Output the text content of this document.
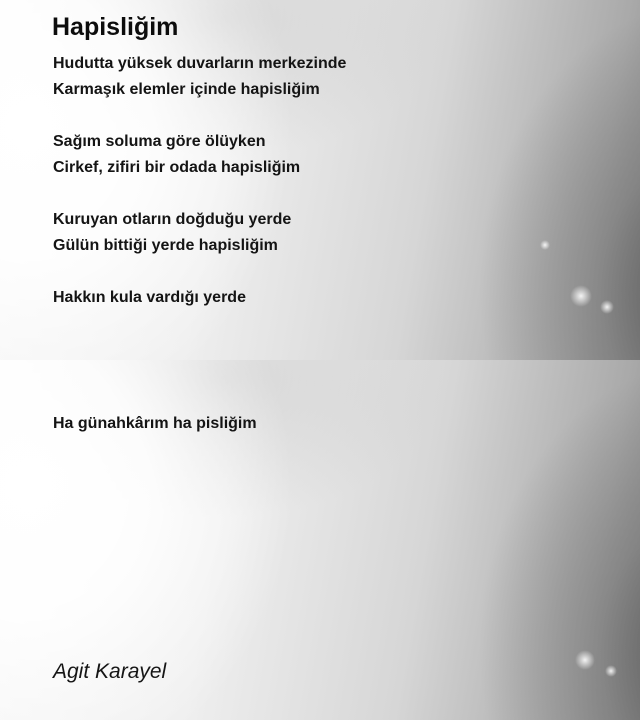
Hapisliğim

Hudutta yüksek duvarların merkezinde

Karmaşık elemler içinde hapisliğim

Sağım soluma göre ölüyken

Cirkef, zifiri bir odada hapisliğim

Kuruyan otların doğduğu yerde

Gülün bittiği yerde hapisliğim

Hakkın kula vardığı yerde

Ha günahkârım ha pisliğim

Agit Karayel
